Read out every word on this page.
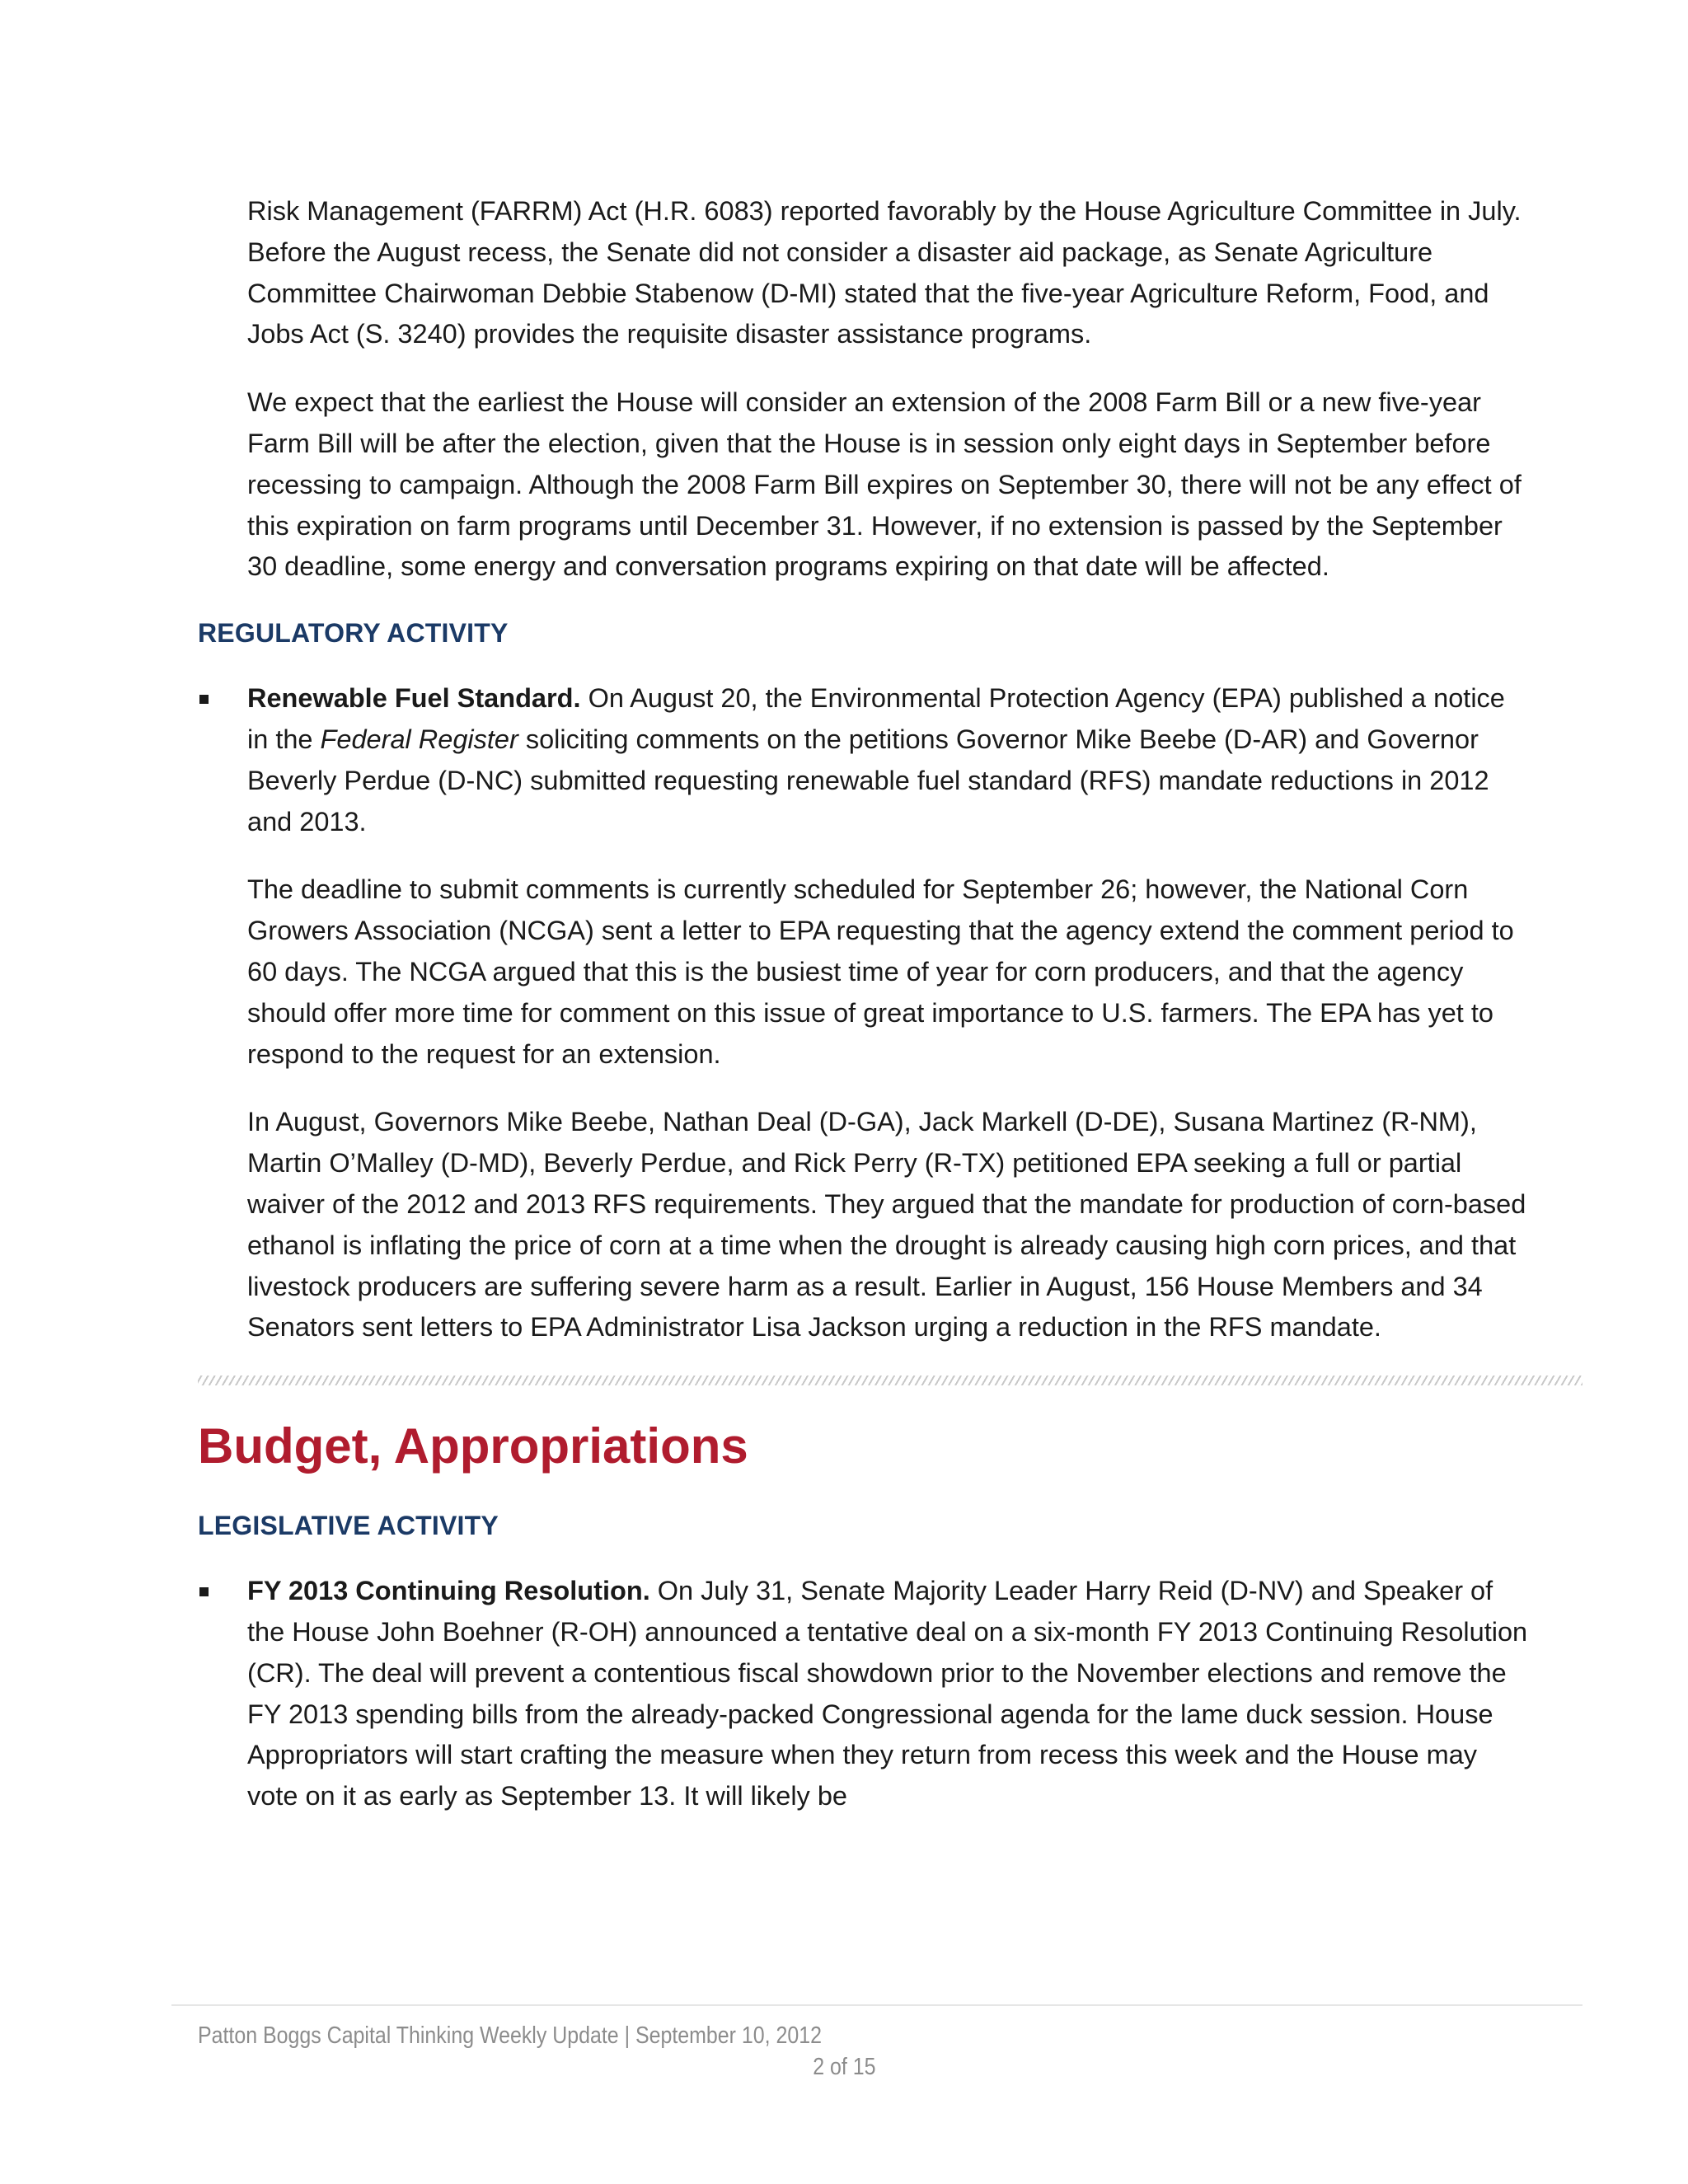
Risk Management (FARRM) Act (H.R. 6083) reported favorably by the House Agriculture Committee in July. Before the August recess, the Senate did not consider a disaster aid package, as Senate Agriculture Committee Chairwoman Debbie Stabenow (D-MI) stated that the five-year Agriculture Reform, Food, and Jobs Act (S. 3240) provides the requisite disaster assistance programs.

We expect that the earliest the House will consider an extension of the 2008 Farm Bill or a new five-year Farm Bill will be after the election, given that the House is in session only eight days in September before recessing to campaign. Although the 2008 Farm Bill expires on September 30, there will not be any effect of this expiration on farm programs until December 31. However, if no extension is passed by the September 30 deadline, some energy and conversation programs expiring on that date will be affected.

REGULATORY ACTIVITY

Renewable Fuel Standard. On August 20, the Environmental Protection Agency (EPA) published a notice in the Federal Register soliciting comments on the petitions Governor Mike Beebe (D-AR) and Governor Beverly Perdue (D-NC) submitted requesting renewable fuel standard (RFS) mandate reductions in 2012 and 2013.

The deadline to submit comments is currently scheduled for September 26; however, the National Corn Growers Association (NCGA) sent a letter to EPA requesting that the agency extend the comment period to 60 days. The NCGA argued that this is the busiest time of year for corn producers, and that the agency should offer more time for comment on this issue of great importance to U.S. farmers. The EPA has yet to respond to the request for an extension.

In August, Governors Mike Beebe, Nathan Deal (D-GA), Jack Markell (D-DE), Susana Martinez (R-NM), Martin O’Malley (D-MD), Beverly Perdue, and Rick Perry (R-TX) petitioned EPA seeking a full or partial waiver of the 2012 and 2013 RFS requirements. They argued that the mandate for production of corn-based ethanol is inflating the price of corn at a time when the drought is already causing high corn prices, and that livestock producers are suffering severe harm as a result. Earlier in August, 156 House Members and 34 Senators sent letters to EPA Administrator Lisa Jackson urging a reduction in the RFS mandate.

Budget, Appropriations
LEGISLATIVE ACTIVITY

FY 2013 Continuing Resolution. On July 31, Senate Majority Leader Harry Reid (D-NV) and Speaker of the House John Boehner (R-OH) announced a tentative deal on a six-month FY 2013 Continuing Resolution (CR). The deal will prevent a contentious fiscal showdown prior to the November elections and remove the FY 2013 spending bills from the already-packed Congressional agenda for the lame duck session. House Appropriators will start crafting the measure when they return from recess this week and the House may vote on it as early as September 13. It will likely be

Patton Boggs Capital Thinking Weekly Update | September 10, 2012
2 of 15
